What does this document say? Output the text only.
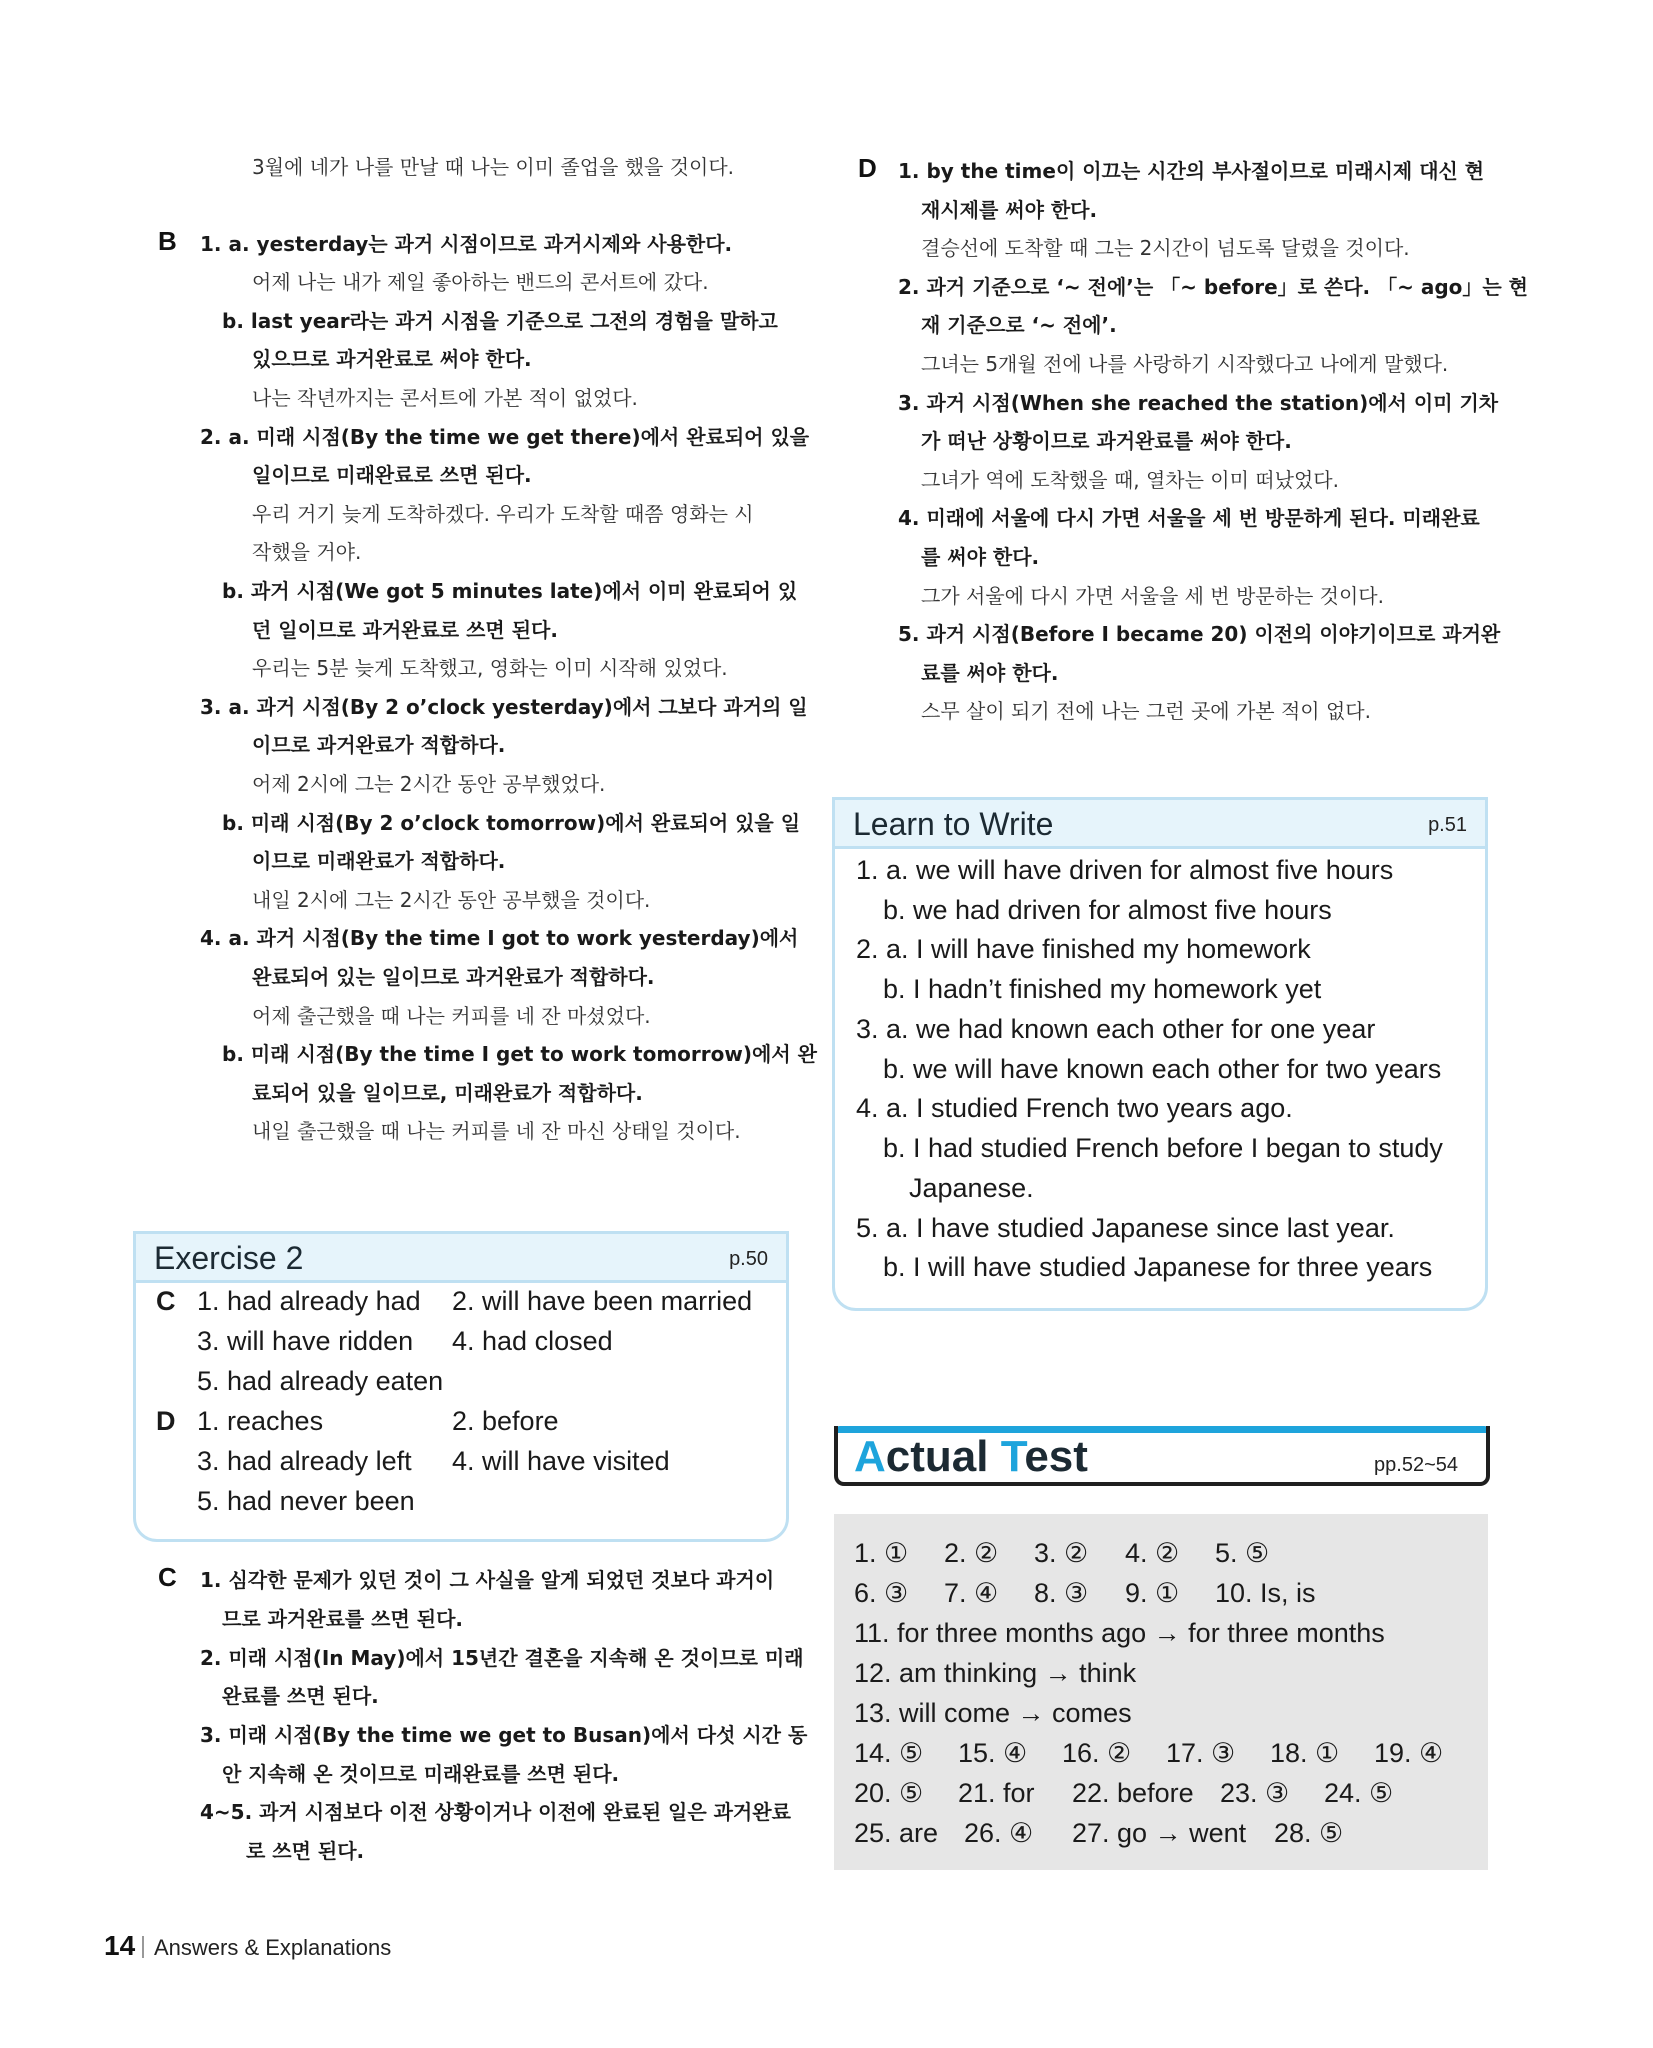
3월에 네가 나를 만날 때 나는 이미 졸업을 했을 것이다.
B 1. a. yesterday는 과거 시점이므로 과거시제와 사용한다.
어제 나는 내가 제일 좋아하는 밴드의 콘서트에 갔다.
b. last year라는 과거 시점을 기준으로 그전의 경험을 말하고
있으므로 과거완료로 써야 한다.
나는 작년까지는 콘서트에 가본 적이 없었다.
2. a. 미래 시점(By the time we get there)에서 완료되어 있을
일이므로 미래완료로 쓰면 된다.
우리 거기 늦게 도착하겠다. 우리가 도착할 때쯤 영화는 시
작했을 거야.
b. 과거 시점(We got 5 minutes late)에서 이미 완료되어 있
던 일이므로 과거완료로 쓰면 된다.
우리는 5분 늦게 도착했고, 영화는 이미 시작해 있었다.
3. a. 과거 시점(By 2 o’clock yesterday)에서 그보다 과거의 일
이므로 과거완료가 적합하다.
어제 2시에 그는 2시간 동안 공부했었다.
b. 미래 시점(By 2 o’clock tomorrow)에서 완료되어 있을 일
이므로 미래완료가 적합하다.
내일 2시에 그는 2시간 동안 공부했을 것이다.
4. a. 과거 시점(By the time I got to work yesterday)에서
완료되어 있는 일이므로 과거완료가 적합하다.
어제 출근했을 때 나는 커피를 네 잔 마셨었다.
b. 미래 시점(By the time I get to work tomorrow)에서 완
료되어 있을 일이므로, 미래완료가 적합하다.
내일 출근했을 때 나는 커피를 네 잔 마신 상태일 것이다.
Exercise 2	p.50
C 1. had already had 2. will have been married
3. will have ridden 4. had closed
5. had already eaten
D 1. reaches	2. before
3. had already left 4. will have visited
5. had never been
C 1. 심각한 문제가 있던 것이 그 사실을 알게 되었던 것보다 과거이
므로 과거완료를 쓰면 된다.
2. 미래 시점(In May)에서 15년간 결혼을 지속해 온 것이므로 미래
완료를 쓰면 된다.
3. 미래 시점(By the time we get to Busan)에서 다섯 시간 동
안 지속해 온 것이므로 미래완료를 쓰면 된다.
4~5. 과거 시점보다 이전 상황이거나 이전에 완료된 일은 과거완료
로 쓰면 된다.
D 1. by the time이 이끄는 시간의 부사절이므로 미래시제 대신 현
재시제를 써야 한다.
결승선에 도착할 때 그는 2시간이 넘도록 달렸을 것이다.
2. 과거 기준으로 ‘~ 전에’는 「~ before」로 쓴다. 「~ ago」는 현
재 기준으로 ‘~ 전에’.
그녀는 5개월 전에 나를 사랑하기 시작했다고 나에게 말했다.
3. 과거 시점(When she reached the station)에서 이미 기차
가 떠난 상황이므로 과거완료를 써야 한다.
그녀가 역에 도착했을 때, 열차는 이미 떠났었다.
4. 미래에 서울에 다시 가면 서울을 세 번 방문하게 된다. 미래완료
를 써야 한다.
그가 서울에 다시 가면 서울을 세 번 방문하는 것이다.
5. 과거 시점(Before I became 20) 이전의 이야기이므로 과거완
료를 써야 한다.
스무 살이 되기 전에 나는 그런 곳에 가본 적이 없다.
Learn to Write	p.51
1. a. we will have driven for almost five hours
b. we had driven for almost five hours
2. a. I will have finished my homework
b. I hadn’t finished my homework yet
3. a. we had known each other for one year
b. we will have known each other for two years
4. a. I studied French two years ago.
b. I had studied French before I began to study
Japanese.
5. a. I have studied Japanese since last year.
b. I will have studied Japanese for three years
Actual Test	pp.52~54
1. ① 2. ② 3. ② 4. ② 5. ⑤
6. ③ 7. ④ 8. ③ 9. ① 10. Is, is
11. for three months ago → for three months
12. am thinking → think
13. will come → comes
14. ⑤ 15. ④ 16. ② 17. ③ 18. ① 19. ④
20. ⑤ 21. for 22. before 23. ③ 24. ⑤
25. are 26. ④ 27. go → went 28. ⑤
14 Answers & Explanations
